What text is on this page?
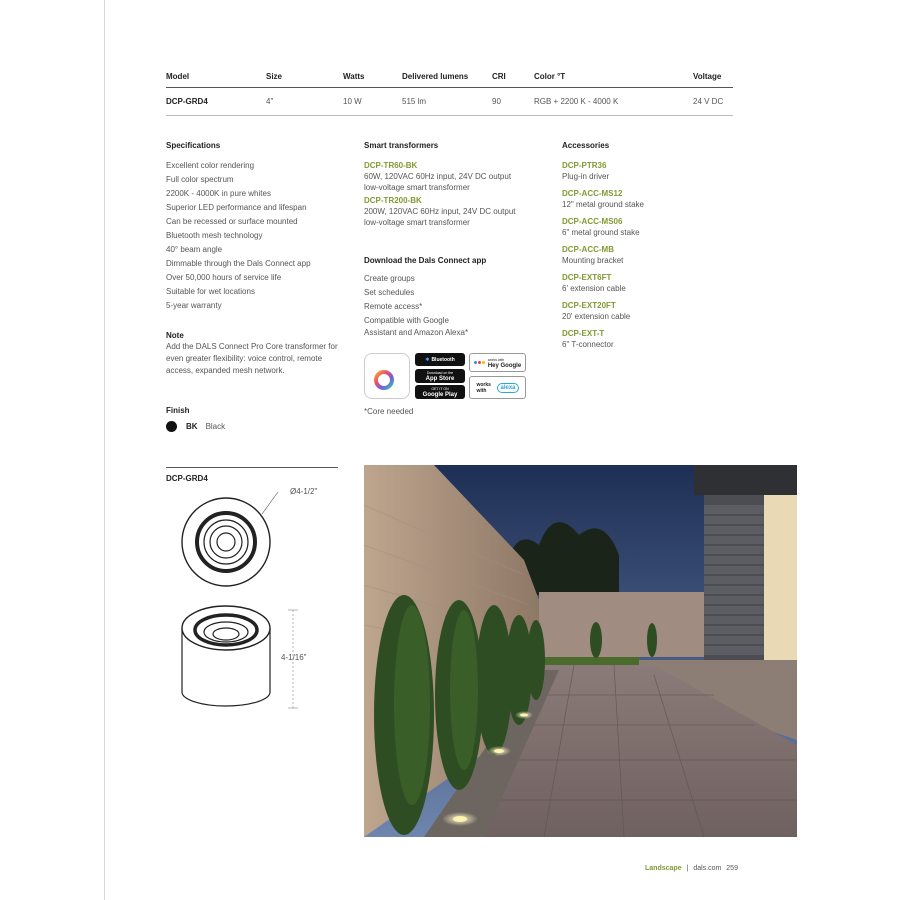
Model	Size	Watts	Delivered lumens	CRI	Color °T	Voltage
DCP-GRD4	4"	10 W	515 lm	90	RGB + 2200 K - 4000 K	24 V DC
Specifications
Excellent color rendering
Full color spectrum
2200K - 4000K in pure whites
Superior LED performance and lifespan
Can be recessed or surface mounted
Bluetooth mesh technology
40° beam angle
Dimmable through the Dals Connect app
Over 50,000 hours of service life
Suitable for wet locations
5-year warranty
Note
Add the DALS Connect Pro Core transformer for even greater flexibility: voice control, remote access, expanded mesh network.
Finish
BK Black
Smart transformers
DCP-TR60-BK
60W, 120VAC 60Hz input, 24V DC output
low-voltage smart transformer
DCP-TR200-BK
200W, 120VAC 60Hz input, 24V DC output
low-voltage smart transformer
Download the Dals Connect app
Create groups
Set schedules
Remote access*
Compatible with Google
Assistant and Amazon Alexa*
✱ Bluetooth
Download on the
App Store
GET IT ON
Google Play
works with
Hey Google
works with	alexa
*Core needed
Accessories
DCP-PTR36
Plug-in driver
DCP-ACC-MS12
12" metal ground stake
DCP-ACC-MS06
6" metal ground stake
DCP-ACC-MB
Mounting bracket
DCP-EXT6FT
6' extension cable
DCP-EXT20FT
20' extension cable
DCP-EXT-T
6" T-connector
DCP-GRD4
Ø4-1/2"
4-1/16"
Landscape | dals.com 259
